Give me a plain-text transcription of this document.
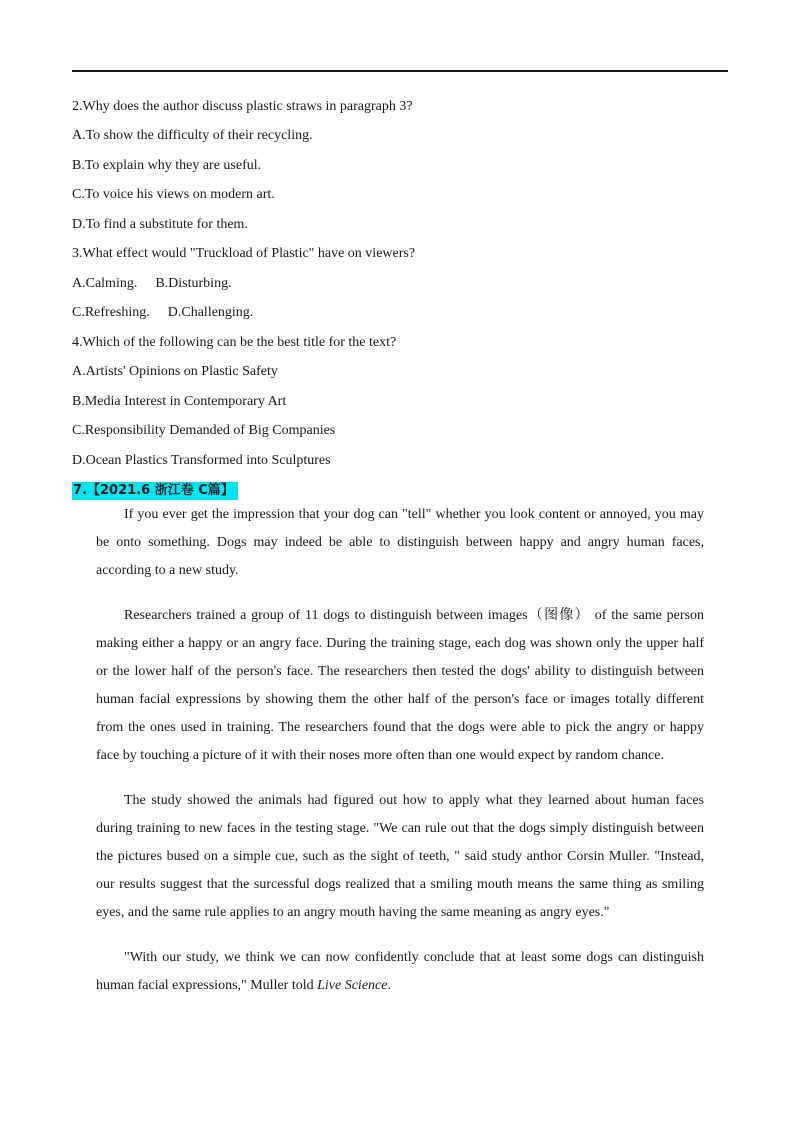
2.Why does the author discuss plastic straws in paragraph 3?
A.To show the difficulty of their recycling.
B.To explain why they are useful.
C.To voice his views on modern art.
D.To find a substitute for them.
3.What effect would "Truckload of Plastic" have on viewers?
A.Calming. B.Disturbing.
C.Refreshing. D.Challenging.
4.Which of the following can be the best title for the text?
A.Artists' Opinions on Plastic Safety
B.Media Interest in Contemporary Art
C.Responsibility Demanded of Big Companies
D.Ocean Plastics Transformed into Sculptures
7.【2021.6 浙江卷 C篇】

If you ever get the impression that your dog can "tell" whether you look content or annoyed, you may be onto something. Dogs may indeed be able to distinguish between happy and angry human faces, according to a new study.

Researchers trained a group of 11 dogs to distinguish between images（图像） of the same person making either a happy or an angry face. During the training stage, each dog was shown only the upper half or the lower half of the person's face. The researchers then tested the dogs' ability to distinguish between human facial expressions by showing them the other half of the person's face or images totally different from the ones used in training. The researchers found that the dogs were able to pick the angry or happy face by touching a picture of it with their noses more often than one would expect by random chance.

The study showed the animals had figured out how to apply what they learned about human faces during training to new faces in the testing stage. "We can rule out that the dogs simply distinguish between the pictures bused on a simple cue, such as the sight of teeth, " said study anthor Corsin Muller. "Instead, our results suggest that the surcessful dogs realized that a smiling mouth means the same thing as smiling eyes, and the same rule applies to an angry mouth having the same meaning as angry eyes."

"With our study, we think we can now confidently conclude that at least some dogs can distinguish human facial expressions," Muller told Live Science.
